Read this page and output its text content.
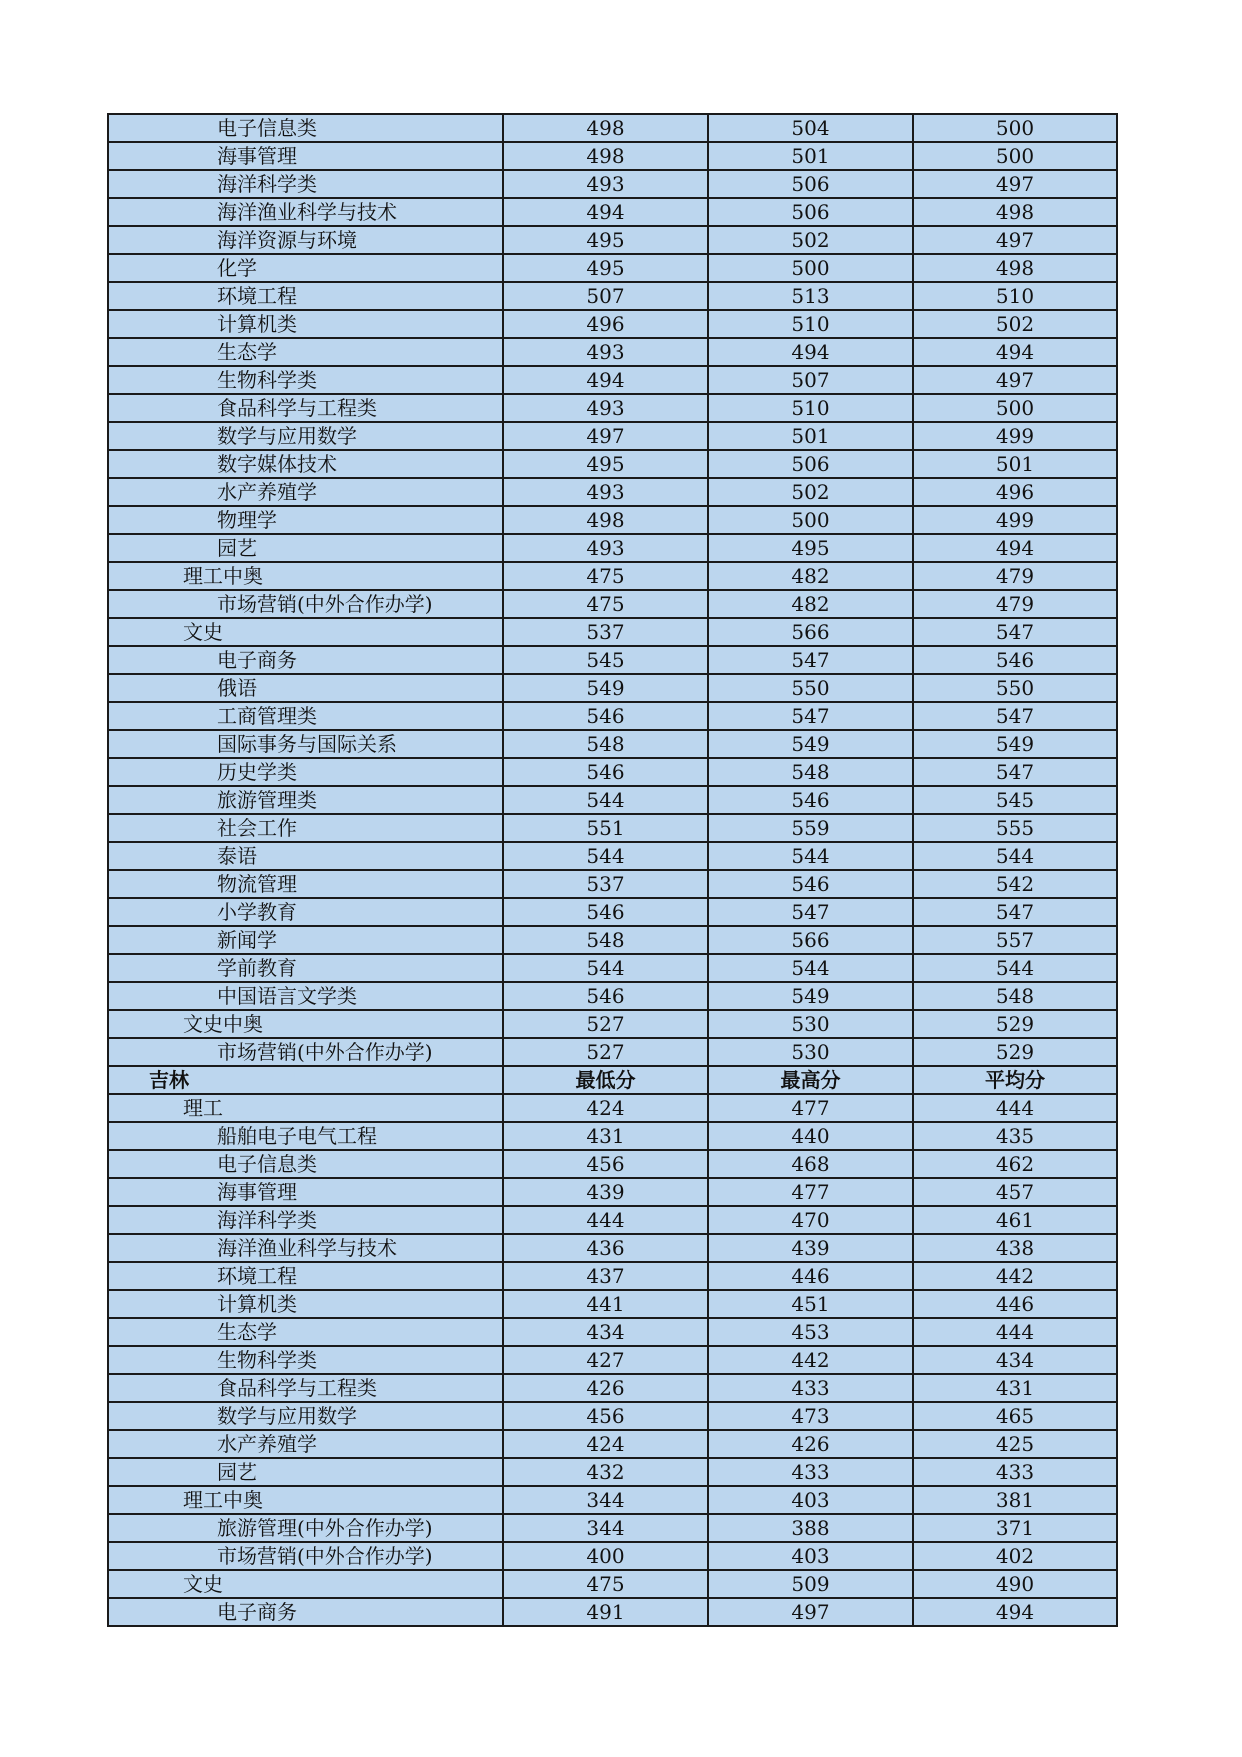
电子信息类	498	504	500
海事管理	498	501	500
海洋科学类	493	506	497
海洋渔业科学与技术	494	506	498
海洋资源与环境	495	502	497
化学	495	500	498
环境工程	507	513	510
计算机类	496	510	502
生态学	493	494	494
生物科学类	494	507	497
食品科学与工程类	493	510	500
数学与应用数学	497	501	499
数字媒体技术	495	506	501
水产养殖学	493	502	496
物理学	498	500	499
园艺	493	495	494
理工中奥	475	482	479
市场营销(中外合作办学)	475	482	479
文史	537	566	547
电子商务	545	547	546
俄语	549	550	550
工商管理类	546	547	547
国际事务与国际关系	548	549	549
历史学类	546	548	547
旅游管理类	544	546	545
社会工作	551	559	555
泰语	544	544	544
物流管理	537	546	542
小学教育	546	547	547
新闻学	548	566	557
学前教育	544	544	544
中国语言文学类	546	549	548
文史中奥	527	530	529
市场营销(中外合作办学)	527	530	529
吉林	最低分	最高分	平均分
理工	424	477	444
船舶电子电气工程	431	440	435
电子信息类	456	468	462
海事管理	439	477	457
海洋科学类	444	470	461
海洋渔业科学与技术	436	439	438
环境工程	437	446	442
计算机类	441	451	446
生态学	434	453	444
生物科学类	427	442	434
食品科学与工程类	426	433	431
数学与应用数学	456	473	465
水产养殖学	424	426	425
园艺	432	433	433
理工中奥	344	403	381
旅游管理(中外合作办学)	344	388	371
市场营销(中外合作办学)	400	403	402
文史	475	509	490
电子商务	491	497	494
